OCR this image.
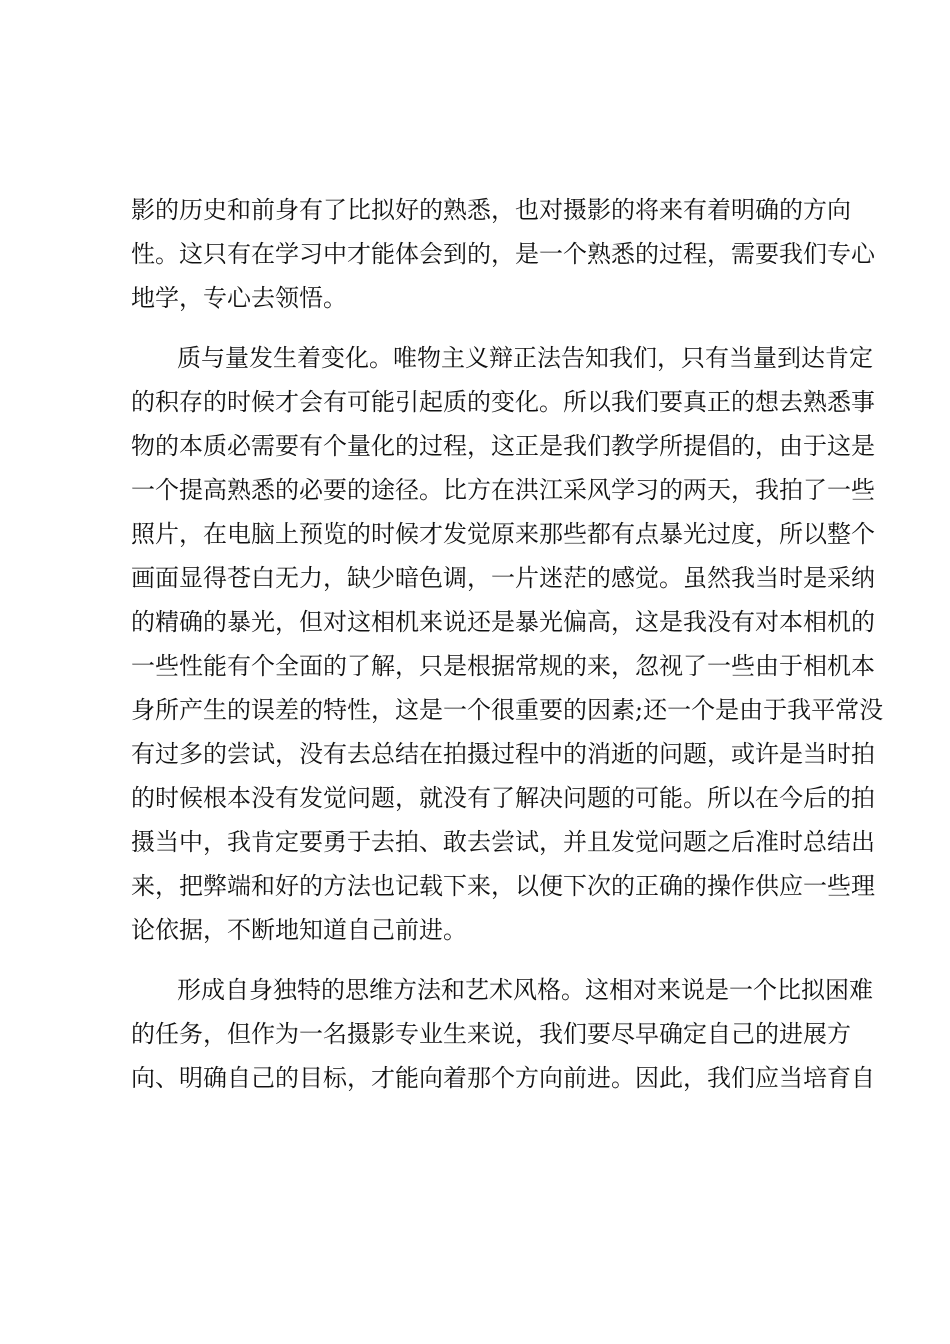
影的历史和前身有了比拟好的熟悉，也对摄影的将来有着明确的方向
性。这只有在学习中才能体会到的，是一个熟悉的过程，需要我们专心
地学，专心去领悟。
质与量发生着变化。唯物主义辩正法告知我们，只有当量到达肯定
的积存的时候才会有可能引起质的变化。所以我们要真正的想去熟悉事
物的本质必需要有个量化的过程，这正是我们教学所提倡的，由于这是
一个提高熟悉的必要的途径。比方在洪江采风学习的两天，我拍了一些
照片，在电脑上预览的时候才发觉原来那些都有点暴光过度，所以整个
画面显得苍白无力，缺少暗色调，一片迷茫的感觉。虽然我当时是采纳
的精确的暴光，但对这相机来说还是暴光偏高，这是我没有对本相机的
一些性能有个全面的了解，只是根据常规的来，忽视了一些由于相机本
身所产生的误差的特性，这是一个很重要的因素;还一个是由于我平常没
有过多的尝试，没有去总结在拍摄过程中的消逝的问题，或许是当时拍
的时候根本没有发觉问题，就没有了解决问题的可能。所以在今后的拍
摄当中，我肯定要勇于去拍、敢去尝试，并且发觉问题之后准时总结出
来，把弊端和好的方法也记载下来，以便下次的正确的操作供应一些理
论依据，不断地知道自己前进。
形成自身独特的思维方法和艺术风格。这相对来说是一个比拟困难
的任务，但作为一名摄影专业生来说，我们要尽早确定自己的进展方
向、明确自己的目标，才能向着那个方向前进。因此，我们应当培育自
